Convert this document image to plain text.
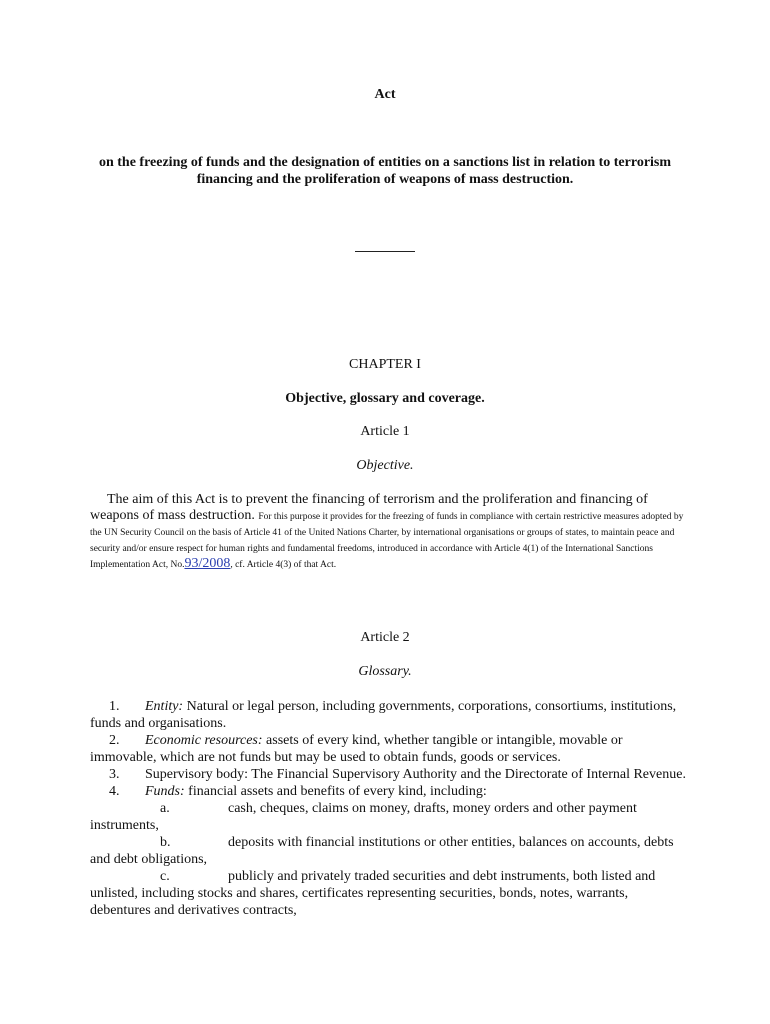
Act
on the freezing of funds and the designation of entities on a sanctions list in relation to terrorism financing and the proliferation of weapons of mass destruction.
CHAPTER I
Objective, glossary and coverage.
Article 1
Objective.
The aim of this Act is to prevent the financing of terrorism and the proliferation and financing of weapons of mass destruction. For this purpose it provides for the freezing of funds in compliance with certain restrictive measures adopted by the UN Security Council on the basis of Article 41 of the United Nations Charter, by international organisations or groups of states, to maintain peace and security and/or ensure respect for human rights and fundamental freedoms, introduced in accordance with Article 4(1) of the International Sanctions Implementation Act, No.93/2008, cf. Article 4(3) of that Act.
Article 2
Glossary.

1. Entity: Natural or legal person, including governments, corporations, consortiums, institutions, funds and organisations.

2. Economic resources: assets of every kind, whether tangible or intangible, movable or immovable, which are not funds but may be used to obtain funds, goods or services.

3. Supervisory body: The Financial Supervisory Authority and the Directorate of Internal Revenue.

4. Funds: financial assets and benefits of every kind, including:

a.	cash, cheques, claims on money, drafts, money orders and other payment instruments,

b.	deposits with financial institutions or other entities, balances on accounts, debts and debt obligations,

c.	publicly and privately traded securities and debt instruments, both listed and unlisted, including stocks and shares, certificates representing securities, bonds, notes, warrants, debentures and derivatives contracts,
